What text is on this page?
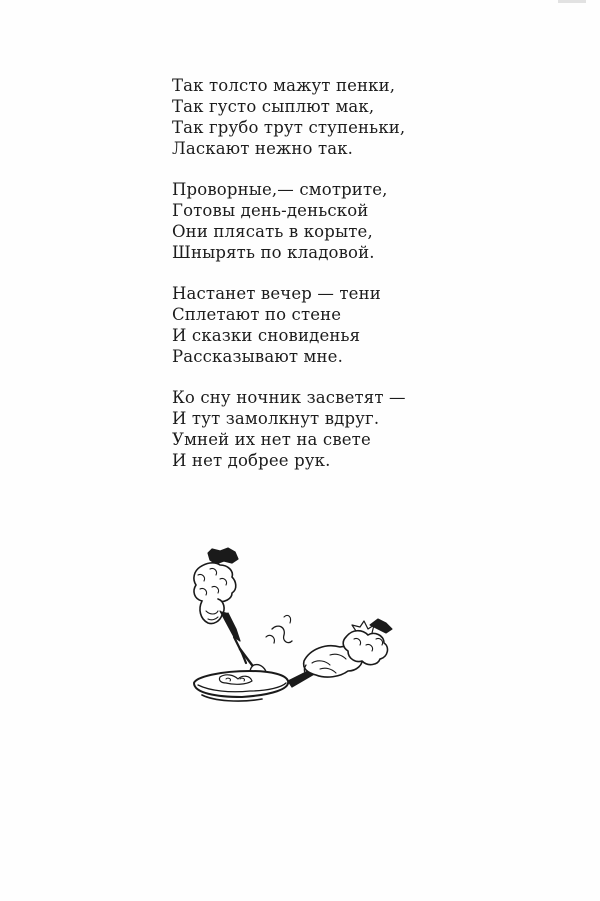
Так толсто мажут пенки,
Так густо сыплют мак,
Так грубо трут ступеньки,
Ласкают нежно так.
Проворные,— смотрите,
Готовы день-деньской
Они плясать в корыте,
Шнырять по кладовой.
Настанет вечер — тени
Сплетают по стене
И сказки сновиденья
Рассказывают мне.
Ко сну ночник засветят —
И тут замолкнут вдруг.
Умней их нет на свете
И нет добрее рук.
